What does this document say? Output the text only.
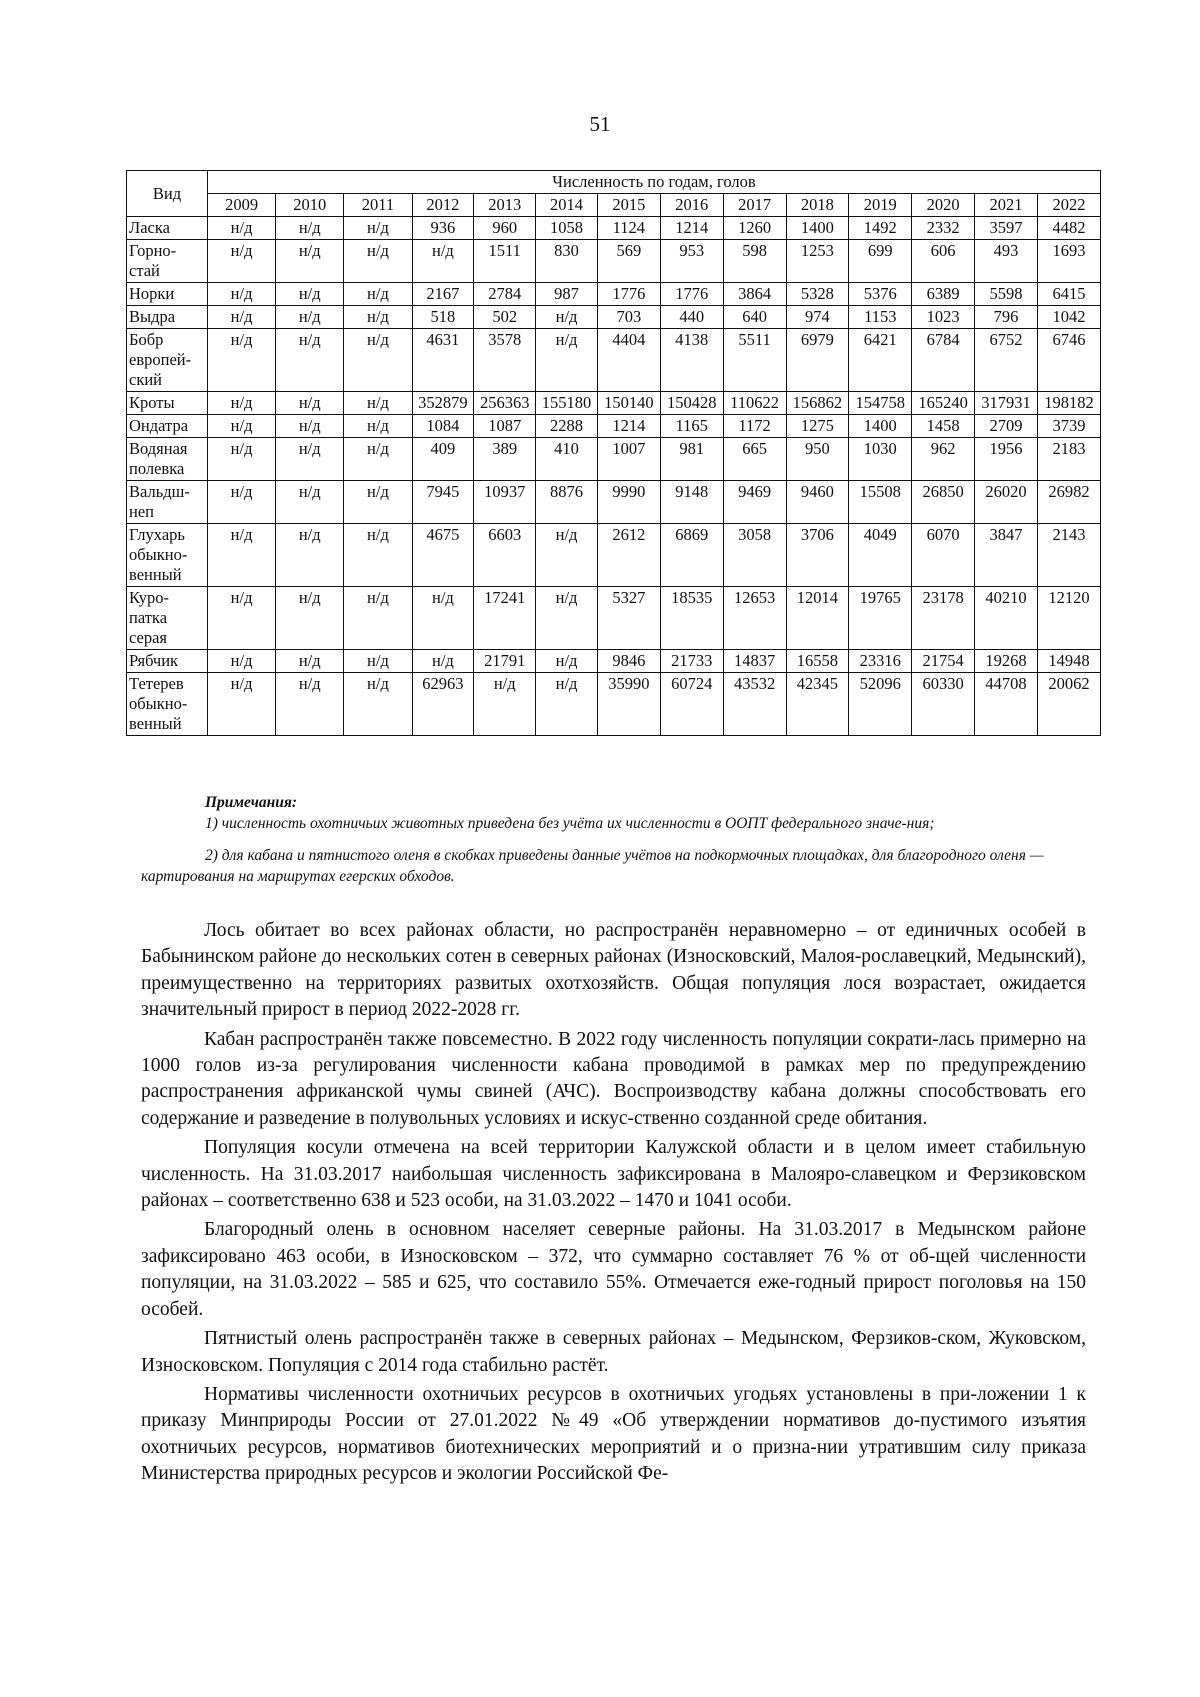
51
Вид	Численность по годам, голов													
	2009	2010	2011	2012	2013	2014	2015	2016	2017	2018	2019	2020	2021	2022
Ласка	н/д	н/д	н/д	936	960	1058	1124	1214	1260	1400	1492	2332	3597	4482
Горно-стай	н/д	н/д	н/д	н/д	1511	830	569	953	598	1253	699	606	493	1693
Норки	н/д	н/д	н/д	2167	2784	987	1776	1776	3864	5328	5376	6389	5598	6415
Выдра	н/д	н/д	н/д	518	502	н/д	703	440	640	974	1153	1023	796	1042
Бобр европей-ский	н/д	н/д	н/д	4631	3578	н/д	4404	4138	5511	6979	6421	6784	6752	6746
Кроты	н/д	н/д	н/д	352879	256363	155180	150140	150428	110622	156862	154758	165240	317931	198182
Ондатра	н/д	н/д	н/д	1084	1087	2288	1214	1165	1172	1275	1400	1458	2709	3739
Водяная полевка	н/д	н/д	н/д	409	389	410	1007	981	665	950	1030	962	1956	2183
Вальдш-неп	н/д	н/д	н/д	7945	10937	8876	9990	9148	9469	9460	15508	26850	26020	26982
Глухарь обыкно-венный	н/д	н/д	н/д	4675	6603	н/д	2612	6869	3058	3706	4049	6070	3847	2143
Куро-патка серая	н/д	н/д	н/д	н/д	17241	н/д	5327	18535	12653	12014	19765	23178	40210	12120
Рябчик	н/д	н/д	н/д	н/д	21791	н/д	9846	21733	14837	16558	23316	21754	19268	14948
Тетерев обыкно-венный	н/д	н/д	н/д	62963	н/д	н/д	35990	60724	43532	42345	52096	60330	44708	20062
Примечания:

1) численность охотничьих животных приведена без учёта их численности в ООПТ федерального значе-ния;

2) для кабана и пятнистого оленя в скобках приведены данные учётов на подкормочных площадках, для благородного оленя — картирования на маршрутах егерских обходов.

Лось обитает во всех районах области, но распространён неравномерно – от единичных особей в Бабынинском районе до нескольких сотен в северных районах (Износковский, Малоя-рославецкий, Медынский), преимущественно на территориях развитых охотхозяйств. Общая популяция лося возрастает, ожидается значительный прирост в период 2022-2028 гг.

Кабан распространён также повсеместно. В 2022 году численность популяции сократи-лась примерно на 1000 голов из-за регулирования численности кабана проводимой в рамках мер по предупреждению распространения африканской чумы свиней (АЧС). Воспроизводству кабана должны способствовать его содержание и разведение в полувольных условиях и искус-ственно созданной среде обитания.

Популяция косули отмечена на всей территории Калужской области и в целом имеет стабильную численность. На 31.03.2017 наибольшая численность зафиксирована в Малояро-славецком и Ферзиковском районах – соответственно 638 и 523 особи, на 31.03.2022 – 1470 и 1041 особи.

Благородный олень в основном населяет северные районы. На 31.03.2017 в Медынском районе зафиксировано 463 особи, в Износковском – 372, что суммарно составляет 76 % от об-щей численности популяции, на 31.03.2022 – 585 и 625, что составило 55%. Отмечается еже-годный прирост поголовья на 150 особей.

Пятнистый олень распространён также в северных районах – Медынском, Ферзиков-ском, Жуковском, Износковском. Популяция с 2014 года стабильно растёт.

Нормативы численности охотничьих ресурсов в охотничьих угодьях установлены в при-ложении 1 к приказу Минприроды России от 27.01.2022 №49 «Об утверждении нормативов до-пустимого изъятия охотничьих ресурсов, нормативов биотехнических мероприятий и о призна-нии утратившим силу приказа Министерства природных ресурсов и экологии Российской Фе-
